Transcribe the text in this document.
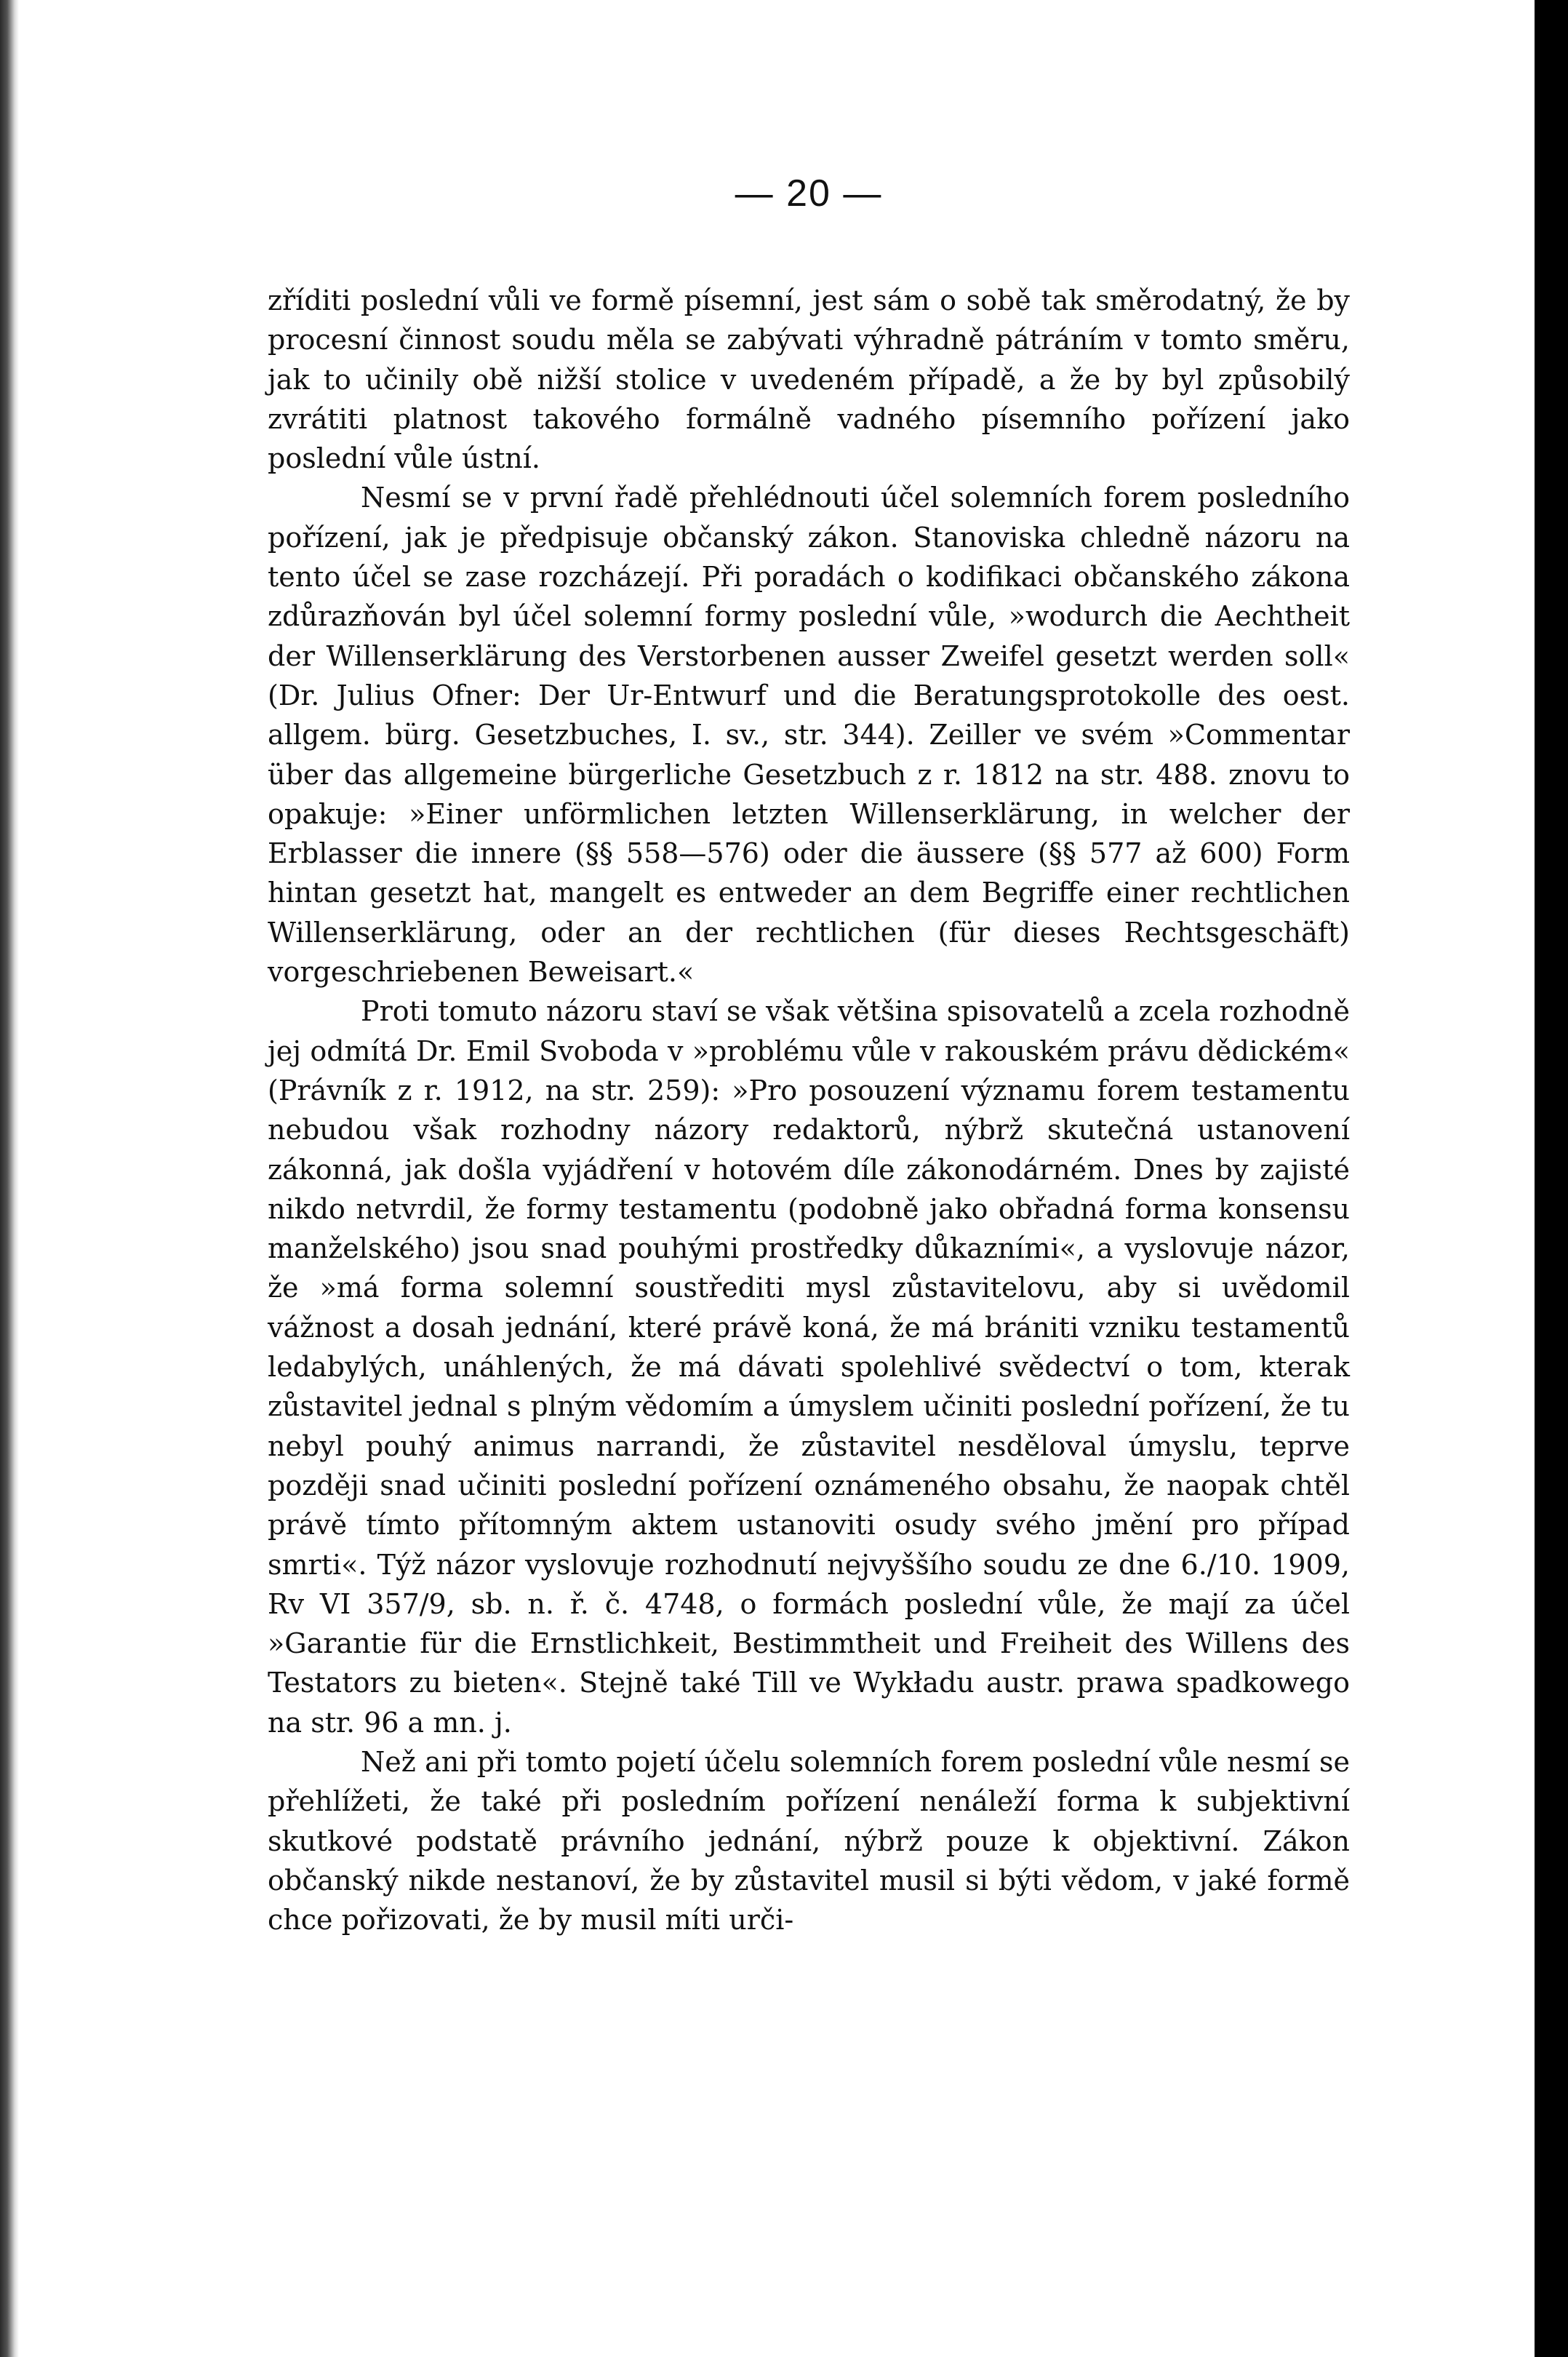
— 20 —

zříditi poslední vůli ve formě písemní, jest sám o sobě tak směrodatný, že by procesní činnost soudu měla se zabývati výhradně pátráním v tomto směru, jak to učinily obě nižší stolice v uvedeném případě, a že by byl způsobilý zvrátiti platnost takového formálně vadného písemního pořízení jako poslední vůle ústní.

Nesmí se v první řadě přehlédnouti účel solemních forem posledního pořízení, jak je předpisuje občanský zákon. Stanoviska chledně názoru na tento účel se zase rozcházejí. Při poradách o kodifikaci občanského zákona zdůrazňován byl účel solemní formy poslední vůle, »wodurch die Aechtheit der Willenserklärung des Verstorbenen ausser Zweifel gesetzt werden soll« (Dr. Julius Ofner: Der Ur-Entwurf und die Beratungsprotokolle des oest. allgem. bürg. Gesetzbuches, I. sv., str. 344). Zeiller ve svém »Commentar über das allgemeine bürgerliche Gesetzbuch z r. 1812 na str. 488. znovu to opakuje: »Einer unförmlichen letzten Willenserklärung, in welcher der Erblasser die innere (§§ 558—576) oder die äussere (§§ 577 až 600) Form hintan gesetzt hat, mangelt es entweder an dem Begriffe einer rechtlichen Willenserklärung, oder an der rechtlichen (für dieses Rechtsgeschäft) vorgeschriebenen Beweisart.«

Proti tomuto názoru staví se však většina spisovatelů a zcela rozhodně jej odmítá Dr. Emil Svoboda v »problému vůle v rakouském právu dědickém« (Právník z r. 1912, na str. 259): »Pro posouzení významu forem testamentu nebudou však rozhodny názory redaktorů, nýbrž skutečná ustanovení zákonná, jak došla vyjádření v hotovém díle zákonodárném. Dnes by zajisté nikdo netvrdil, že formy testamentu (podobně jako obřadná forma konsensu manželského) jsou snad pouhými prostředky důkazními«, a vyslovuje názor, že »má forma solemní soustřediti mysl zůstavitelovu, aby si uvědomil vážnost a dosah jednání, které právě koná, že má brániti vzniku testamentů ledabylých, unáhlených, že má dávati spolehlivé svědectví o tom, kterak zůstavitel jednal s plným vědomím a úmyslem učiniti poslední pořízení, že tu nebyl pouhý animus narrandi, že zůstavitel nesděloval úmyslu, teprve později snad učiniti poslední pořízení oznámeného obsahu, že naopak chtěl právě tímto přítomným aktem ustanoviti osudy svého jmění pro případ smrti«. Týž názor vyslovuje rozhodnutí nejvyššího soudu ze dne 6./10. 1909, Rv VI 357/9, sb. n. ř. č. 4748, o formách poslední vůle, že mají za účel »Garantie für die Ernstlichkeit, Bestimmtheit und Freiheit des Willens des Testators zu bieten«. Stejně také Till ve Wykładu austr. prawa spadkowego na str. 96 a mn. j.

Než ani při tomto pojetí účelu solemních forem poslední vůle nesmí se přehlížeti, že také při posledním pořízení nenáleží forma k subjektivní skutkové podstatě právního jednání, nýbrž pouze k objektivní. Zákon občanský nikde nestanoví, že by zůstavitel musil si býti vědom, v jaké formě chce pořizovati, že by musil míti urči-
